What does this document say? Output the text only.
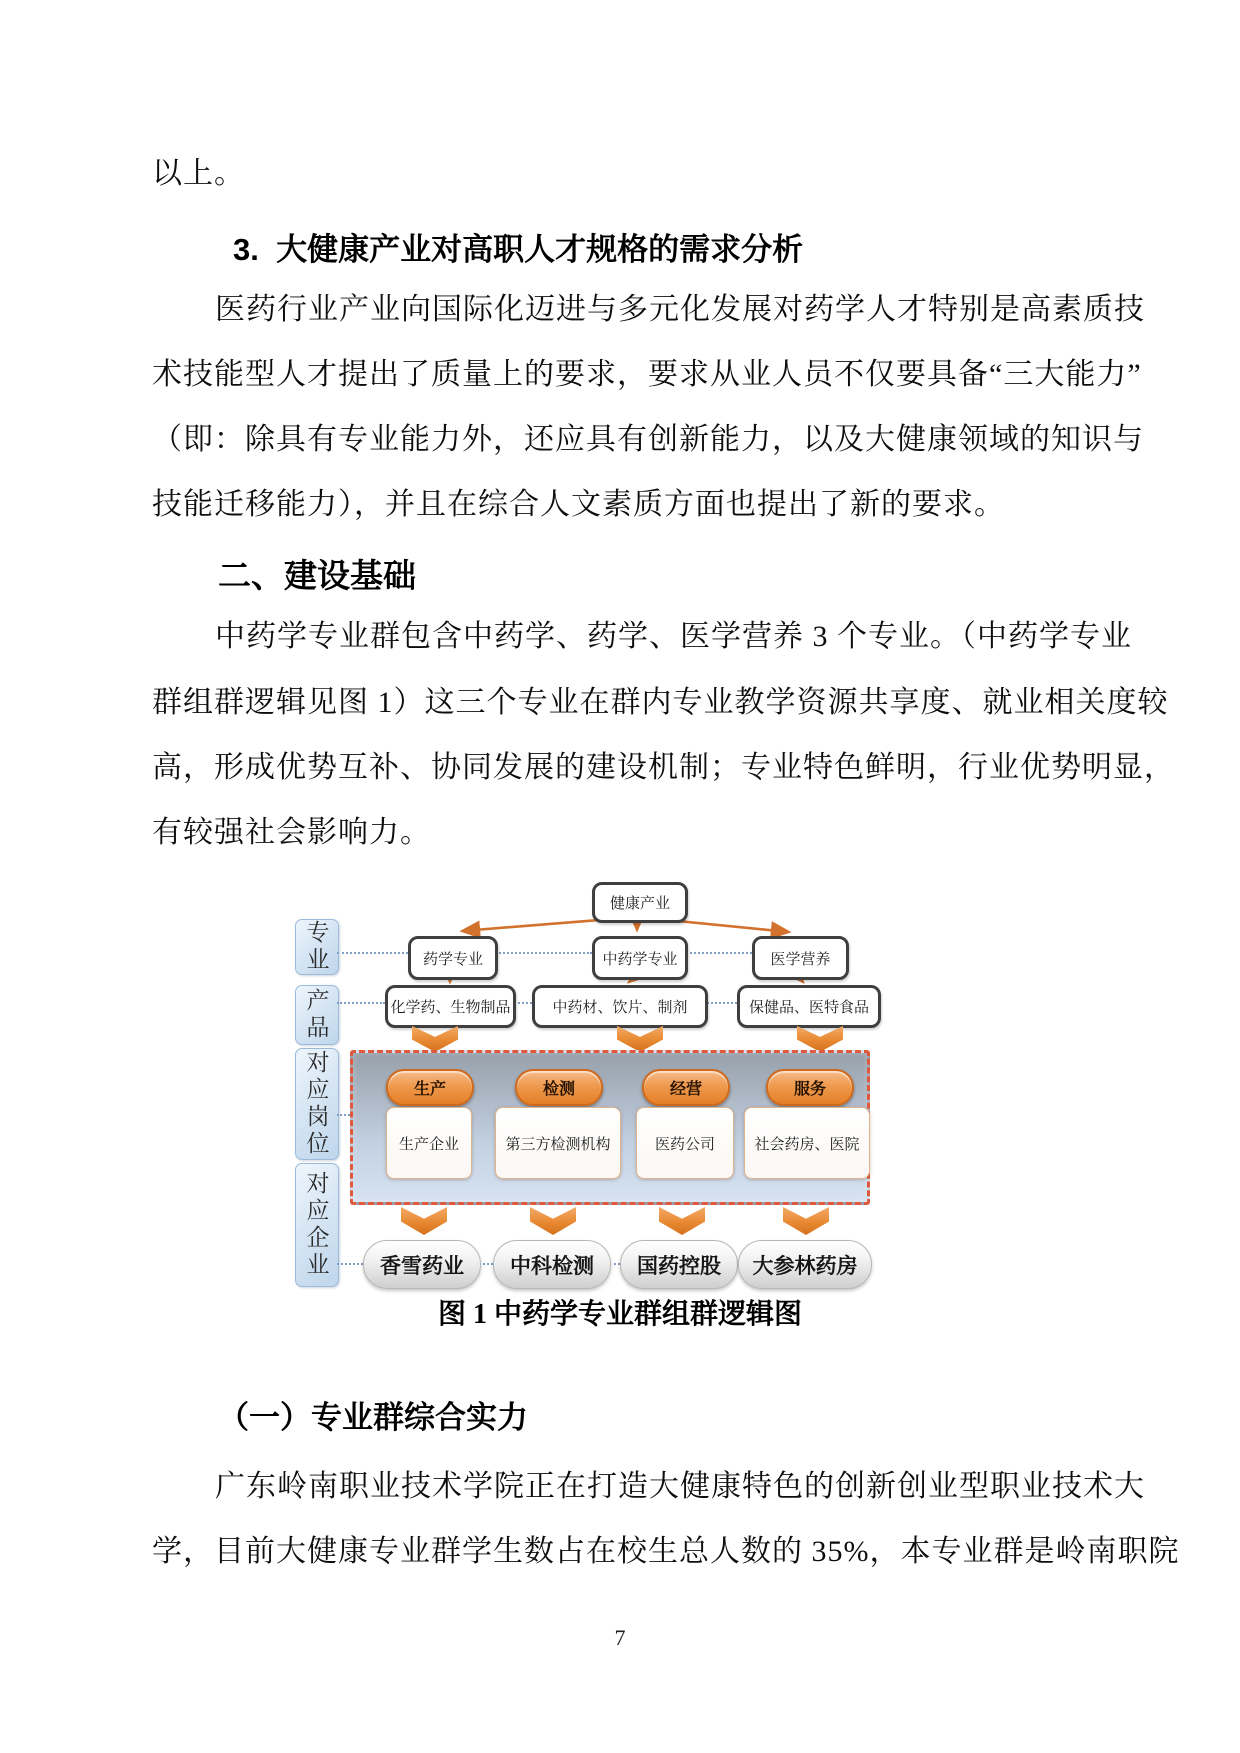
以上。
3.  大健康产业对高职人才规格的需求分析
医药行业产业向国际化迈进与多元化发展对药学人才特别是高素质技
术技能型人才提出了质量上的要求，要求从业人员不仅要具备“三大能力”
（即：除具有专业能力外，还应具有创新能力，以及大健康领域的知识与
技能迁移能力），并且在综合人文素质方面也提出了新的要求。
二、建设基础
中药学专业群包含中药学、药学、医学营养 3 个专业。（中药学专业
群组群逻辑见图 1）这三个专业在群内专业教学资源共享度、就业相关度较
高，形成优势互补、协同发展的建设机制；专业特色鲜明，行业优势明显，
有较强社会影响力。
专业
产品
对应岗位
对应企业
健康产业
药学专业	中药学专业	医学营养
化学药、生物制品	中药材、饮片、制剂	保健品、医特食品
生产	检测	经营	服务
生产企业	第三方检测机构	医药公司	社会药房、医院
香雪药业	中科检测	国药控股	大参林药房
图 1 中药学专业群组群逻辑图
（一）专业群综合实力
广东岭南职业技术学院正在打造大健康特色的创新创业型职业技术大
学，目前大健康专业群学生数占在校生总人数的 35%，本专业群是岭南职院
7
